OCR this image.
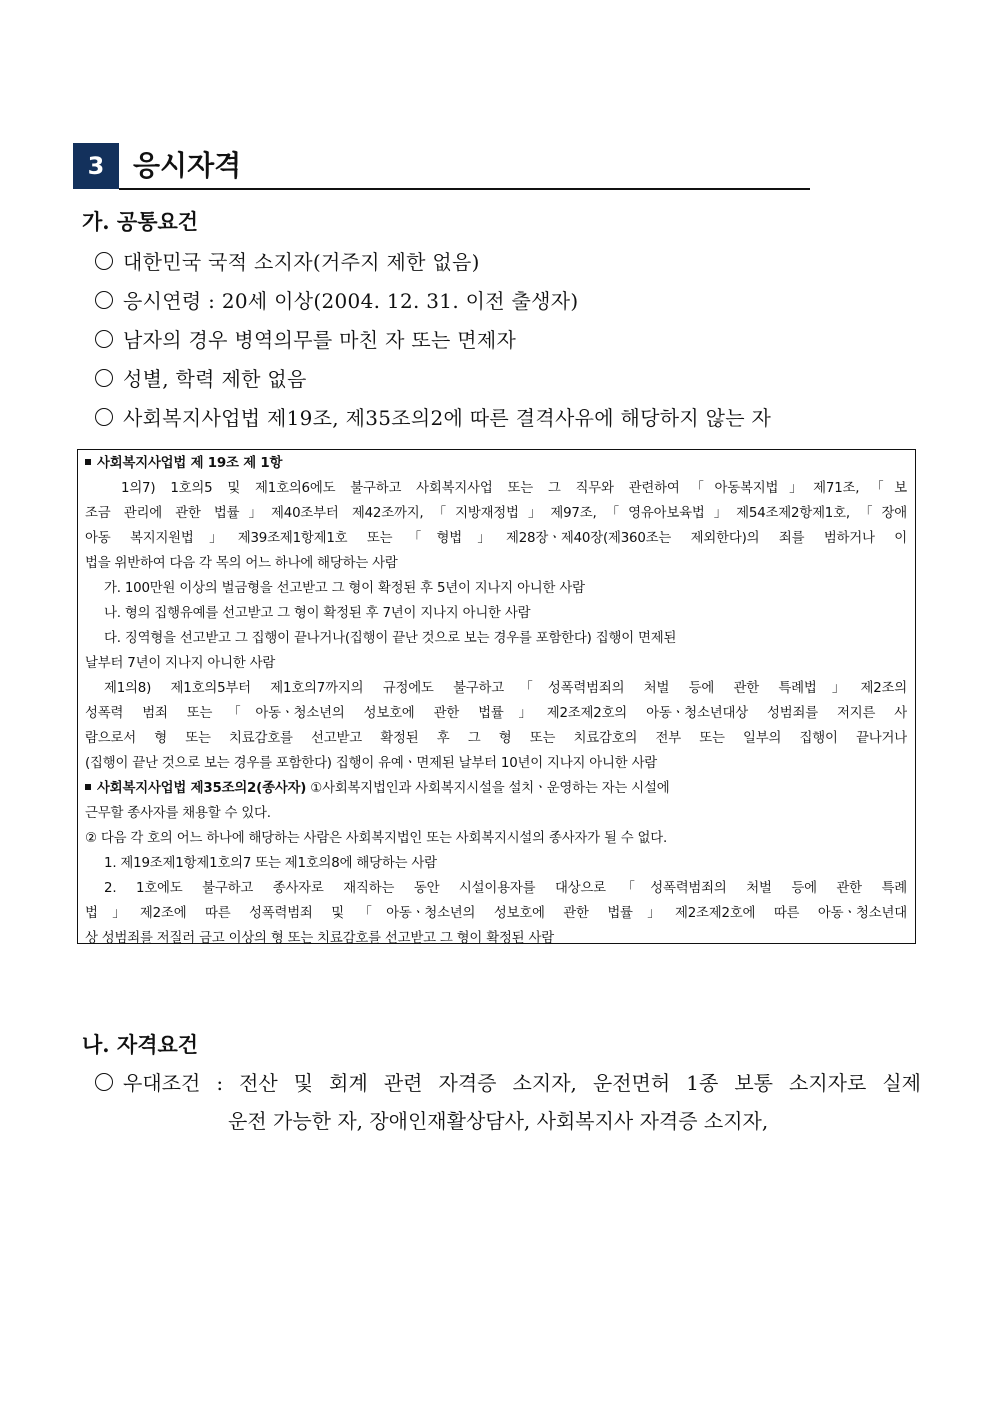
3	응시자격
가. 공통요건
대한민국 국적 소지자(거주지 제한 없음)
응시연령 : 20세 이상(2004. 12. 31. 이전 출생자)
남자의 경우 병역의무를 마친 자 또는 면제자
성별, 학력 제한 없음
사회복지사업법 제19조, 제35조의2에 따른 결격사유에 해당하지 않는 자
사회복지사업법 제 19조 제 1항
1의7) 1호의5 및 제1호의6에도 불구하고 사회복지사업 또는 그 직무와 관련하여「아동복지법」제71조,「보
조금 관리에 관한 법률」제40조부터 제42조까지,「지방재정법」제97조,「영유아보육법」제54조제2항제1호,「장애
아동 복지지원법」제39조제1항제1호 또는「형법」제28장ㆍ제40장(제360조는 제외한다)의 죄를 범하거나 이
법을 위반하여 다음 각 목의 어느 하나에 해당하는 사람
가. 100만원 이상의 벌금형을 선고받고 그 형이 확정된 후 5년이 지나지 아니한 사람
나. 형의 집행유예를 선고받고 그 형이 확정된 후 7년이 지나지 아니한 사람
다. 징역형을 선고받고 그 집행이 끝나거나(집행이 끝난 것으로 보는 경우를 포함한다) 집행이 면제된
날부터 7년이 지나지 아니한 사람
제1의8) 제1호의5부터 제1호의7까지의 규정에도 불구하고「성폭력범죄의 처벌 등에 관한 특례법」제2조의
성폭력 범죄 또는「아동ㆍ청소년의 성보호에 관한 법률」제2조제2호의 아동ㆍ청소년대상 성범죄를 저지른 사
람으로서 형 또는 치료감호를 선고받고 확정된 후 그 형 또는 치료감호의 전부 또는 일부의 집행이 끝나거나
(집행이 끝난 것으로 보는 경우를 포함한다) 집행이 유예ㆍ면제된 날부터 10년이 지나지 아니한 사람
사회복지사업법 제35조의2(종사자) ①사회복지법인과 사회복지시설을 설치ㆍ운영하는 자는 시설에
근무할 종사자를 채용할 수 있다.
② 다음 각 호의 어느 하나에 해당하는 사람은 사회복지법인 또는 사회복지시설의 종사자가 될 수 없다.
1. 제19조제1항제1호의7 또는 제1호의8에 해당하는 사람
2. 1호에도 불구하고 종사자로 재직하는 동안 시설이용자를 대상으로「성폭력범죄의 처벌 등에 관한 특례
법」제2조에 따른 성폭력범죄 및「아동ㆍ청소년의 성보호에 관한 법률」제2조제2호에 따른 아동ㆍ청소년대
상 성범죄를 저질러 금고 이상의 형 또는 치료감호를 선고받고 그 형이 확정된 사람
나. 자격요건
우대조건 : 전산 및 회계 관련 자격증 소지자, 운전면허 1종 보통 소지자로 실제
운전 가능한 자, 장애인재활상담사, 사회복지사 자격증 소지자,
